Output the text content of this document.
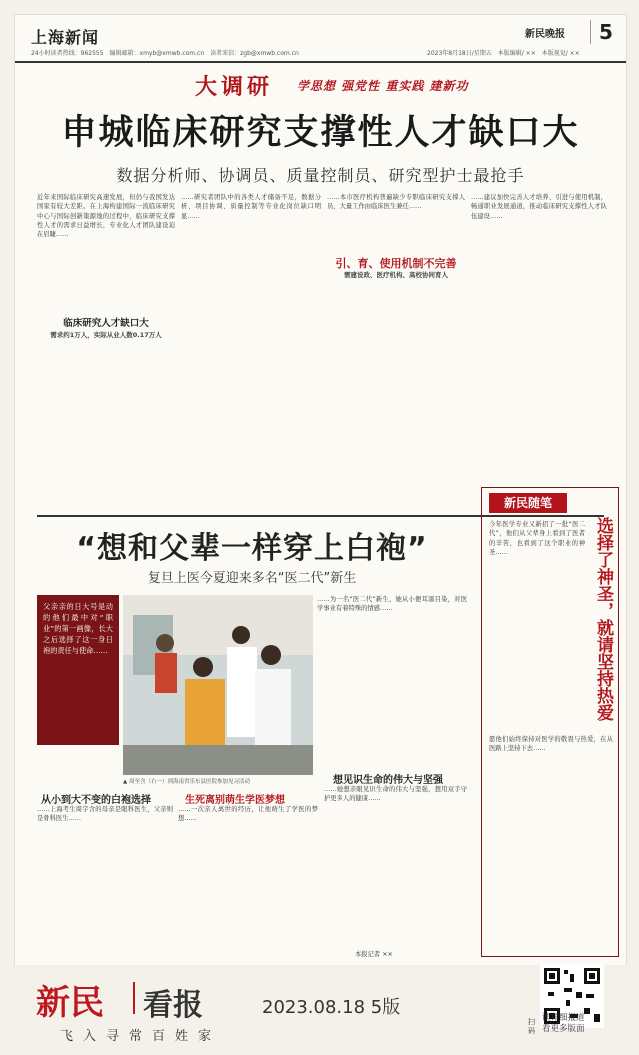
上海新闻
24小时读者热线：962555　编辑邮箱：xmyb@xmwb.com.cn　读者来信：zgb@xmwb.com.cn
新民晚报	5
2023年8月18日/星期五　本版编辑/ ××　本版视觉/ ××
大调研 学思想 强党性 重实践 建新功
申城临床研究支撑性人才缺口大
数据分析师、协调员、质量控制员、研究型护士最抢手
近年来国际临床研究高速发展，但仍与我国发达国家有较大差距。在上海构建国际一流临床研究中心与国际创新策源地的过程中，临床研究支撑性人才的需求日益增长，专业化人才团队建设迫在眉睫……
临床研究人才缺口大
需求约1万人，实际从业人数0.17万人
……研究者团队中的各类人才储备不足，数据分析、项目协调、质量控制等专业化岗位缺口明显……
……本市医疗机构普遍缺少专职临床研究支撑人员，大量工作由临床医生兼任……
引、育、使用机制不完善
需建设政、医疗机构、高校协同育人
……建议加快完善人才培养、引进与使用机制，畅通职业发展通道，推动临床研究支撑性人才队伍建设……
“想和父辈一样穿上白袍”
复旦上医今夏迎来多名“医二代”新生
父亲亲的日大号是动的他们最中对“职业”的第一画像，长大之后选择了这一身日袍的责任与使命……
▲ 周至含（右一）到海南省乐东县医院参加见习活动
……为一名“医二代”新生，她从小便耳濡目染，对医学事业有着特殊的情感……
从小到大不变的白袍选择
……上海考生周宇含的母亲是眼科医生，父亲则是骨科医生……
生死离别萌生学医梦想
……一次亲人离世的经历，让他萌生了学医的梦想……
想见识生命的伟大与坚强
……她想亲眼见识生命的伟大与坚强，想用双手守护更多人的健康……
本报记者 ××
新民随笔
选择了神圣，就请坚持热爱
今年医学专业又新招了一批“医二代”，他们从父辈身上看到了医者的辛苦，也看到了这个职业的神圣……
愿他们始终保持对医学的敬畏与热爱，在从医路上坚持下去……
新民 看报	2023.08.18 5版
飞入寻常百姓家
扫码
读详细报道
看更多版面
